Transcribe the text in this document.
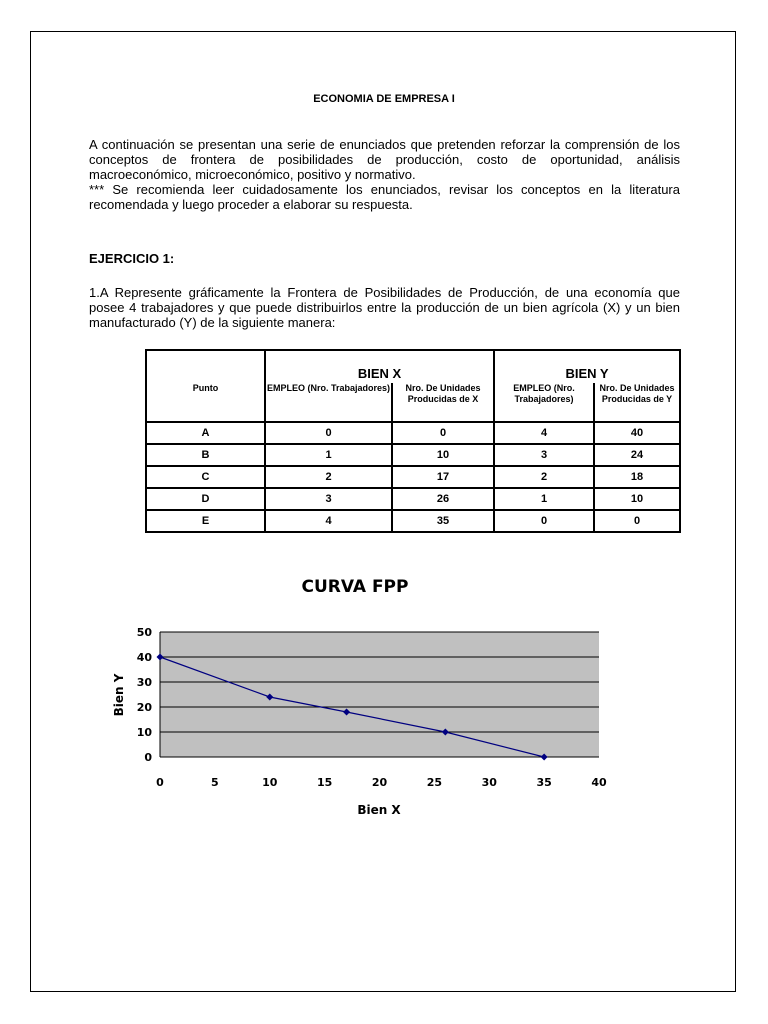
ECONOMIA DE EMPRESA I

A continuación se presentan una serie de enunciados que pretenden reforzar la comprensión de los conceptos de frontera de posibilidades de producción, costo de oportunidad, análisis macroeconómico, microeconómico, positivo y normativo.

*** Se recomienda leer cuidadosamente los enunciados, revisar los conceptos en la literatura recomendada y luego proceder a elaborar su respuesta.

EJERCICIO 1:
1.A Represente gráficamente la Frontera de Posibilidades de Producción, de una economía que posee 4 trabajadores y que puede distribuirlos entre la producción de un bien agrícola (X) y un bien manufacturado (Y) de la siguiente manera:
	BIEN X		BIEN Y	
Punto	EMPLEO (Nro. Trabajadores)	Nro. De Unidades Producidas de X	EMPLEO (Nro. Trabajadores)	Nro. De Unidades Producidas de Y
A	0	0	4	40
B	1	10	3	24
C	2	17	2	18
D	3	26	1	10
E	4	35	0	0
CURVA FPP
0
10
20
30
40
50
0	5	10	15	20	25	30	35	40
Bien X
Bien Y
